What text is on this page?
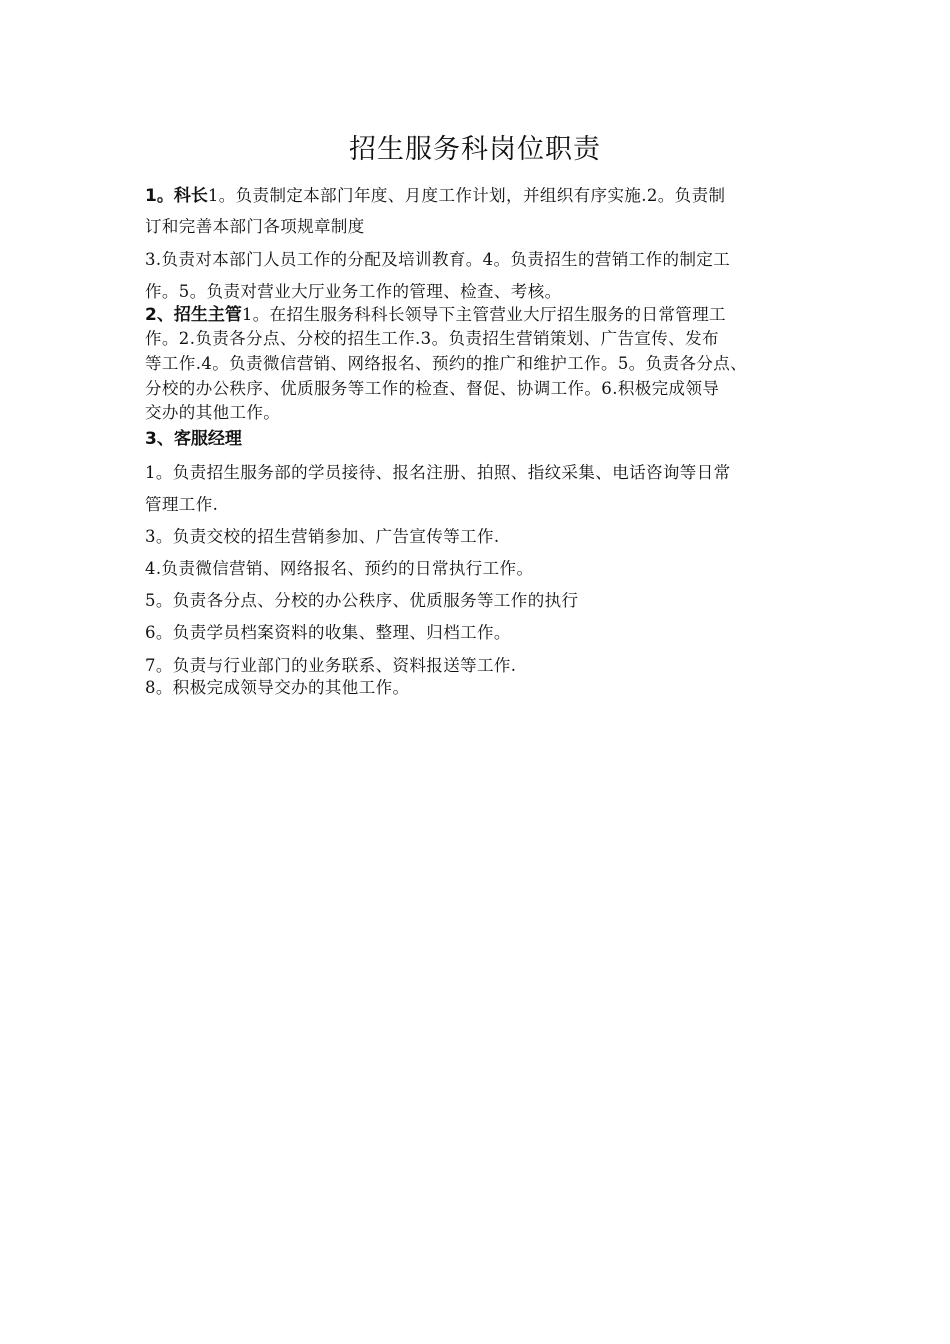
招生服务科岗位职责
1。科长1。负责制定本部门年度、月度工作计划，并组织有序实施.2。负责制
订和完善本部门各项规章制度
3.负责对本部门人员工作的分配及培训教育。4。负责招生的营销工作的制定工
作。5。负责对营业大厅业务工作的管理、检查、考核。
2、招生主管1。在招生服务科科长领导下主管营业大厅招生服务的日常管理工
作。2.负责各分点、分校的招生工作.3。负责招生营销策划、广告宣传、发布
等工作.4。负责微信营销、网络报名、预约的推广和维护工作。5。负责各分点、
分校的办公秩序、优质服务等工作的检查、督促、协调工作。6.积极完成领导
交办的其他工作。
3、客服经理
1。负责招生服务部的学员接待、报名注册、拍照、指纹采集、电话咨询等日常
管理工作.
3。负责交校的招生营销参加、广告宣传等工作.
4.负责微信营销、网络报名、预约的日常执行工作。
5。负责各分点、分校的办公秩序、优质服务等工作的执行
6。负责学员档案资料的收集、整理、归档工作。
7。负责与行业部门的业务联系、资料报送等工作.
8。积极完成领导交办的其他工作。
